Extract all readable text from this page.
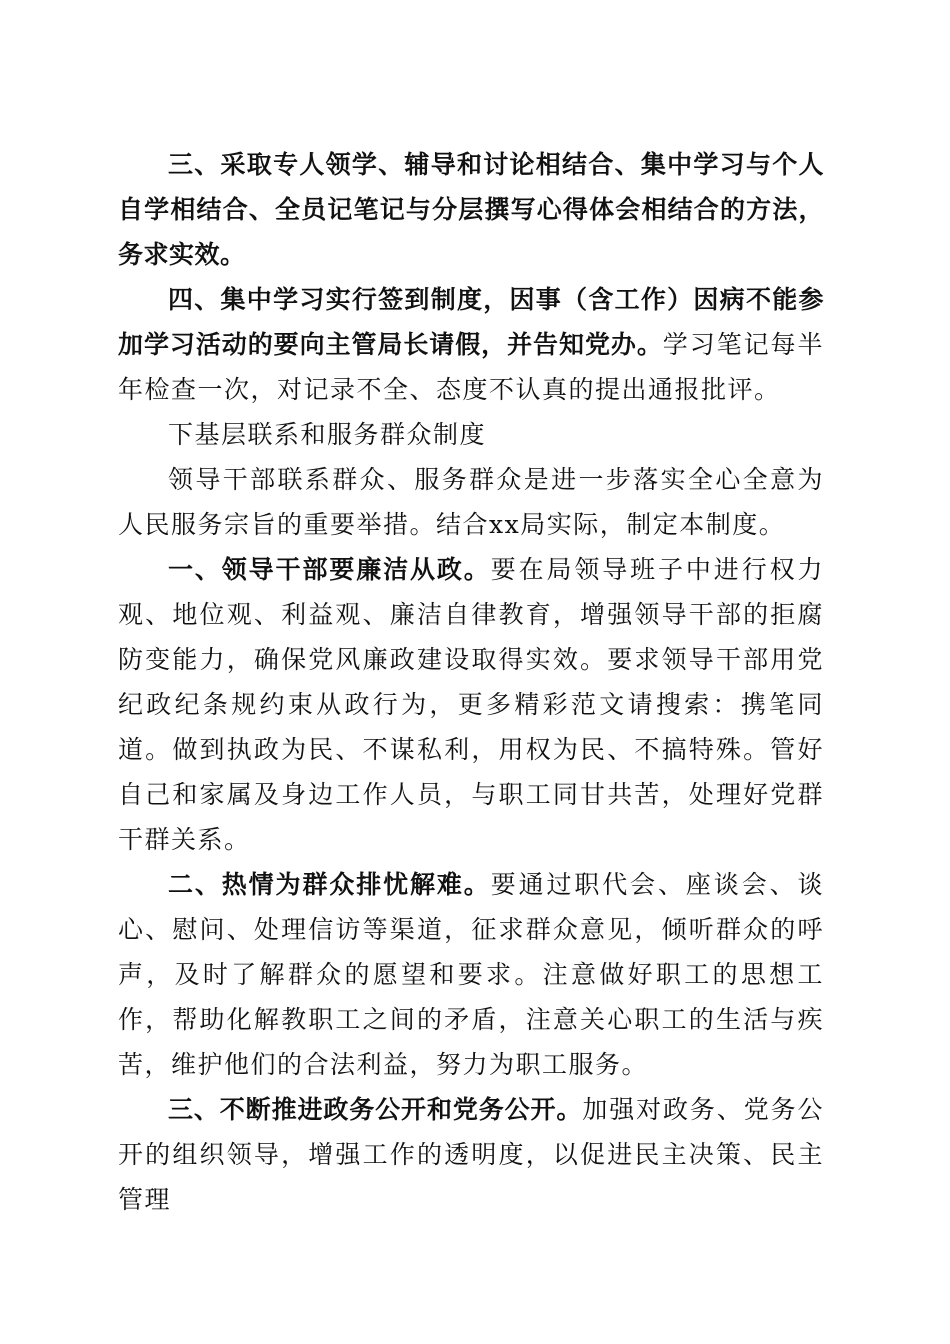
三、采取专人领学、辅导和讨论相结合、集中学习与个人自学相结合、全员记笔记与分层撰写心得体会相结合的方法，务求实效。

四、集中学习实行签到制度，因事（含工作）因病不能参加学习活动的要向主管局长请假，并告知党办。学习笔记每半年检查一次，对记录不全、态度不认真的提出通报批评。

下基层联系和服务群众制度

领导干部联系群众、服务群众是进一步落实全心全意为人民服务宗旨的重要举措。结合xx局实际，制定本制度。

一、领导干部要廉洁从政。要在局领导班子中进行权力观、地位观、利益观、廉洁自律教育，增强领导干部的拒腐防变能力，确保党风廉政建设取得实效。要求领导干部用党纪政纪条规约束从政行为，更多精彩范文请搜索：携笔同道。做到执政为民、不谋私利，用权为民、不搞特殊。管好自己和家属及身边工作人员，与职工同甘共苦，处理好党群干群关系。

二、热情为群众排忧解难。要通过职代会、座谈会、谈心、慰问、处理信访等渠道，征求群众意见，倾听群众的呼声，及时了解群众的愿望和要求。注意做好职工的思想工作，帮助化解教职工之间的矛盾，注意关心职工的生活与疾苦，维护他们的合法利益，努力为职工服务。

三、不断推进政务公开和党务公开。加强对政务、党务公开的组织领导，增强工作的透明度，以促进民主决策、民主管理
